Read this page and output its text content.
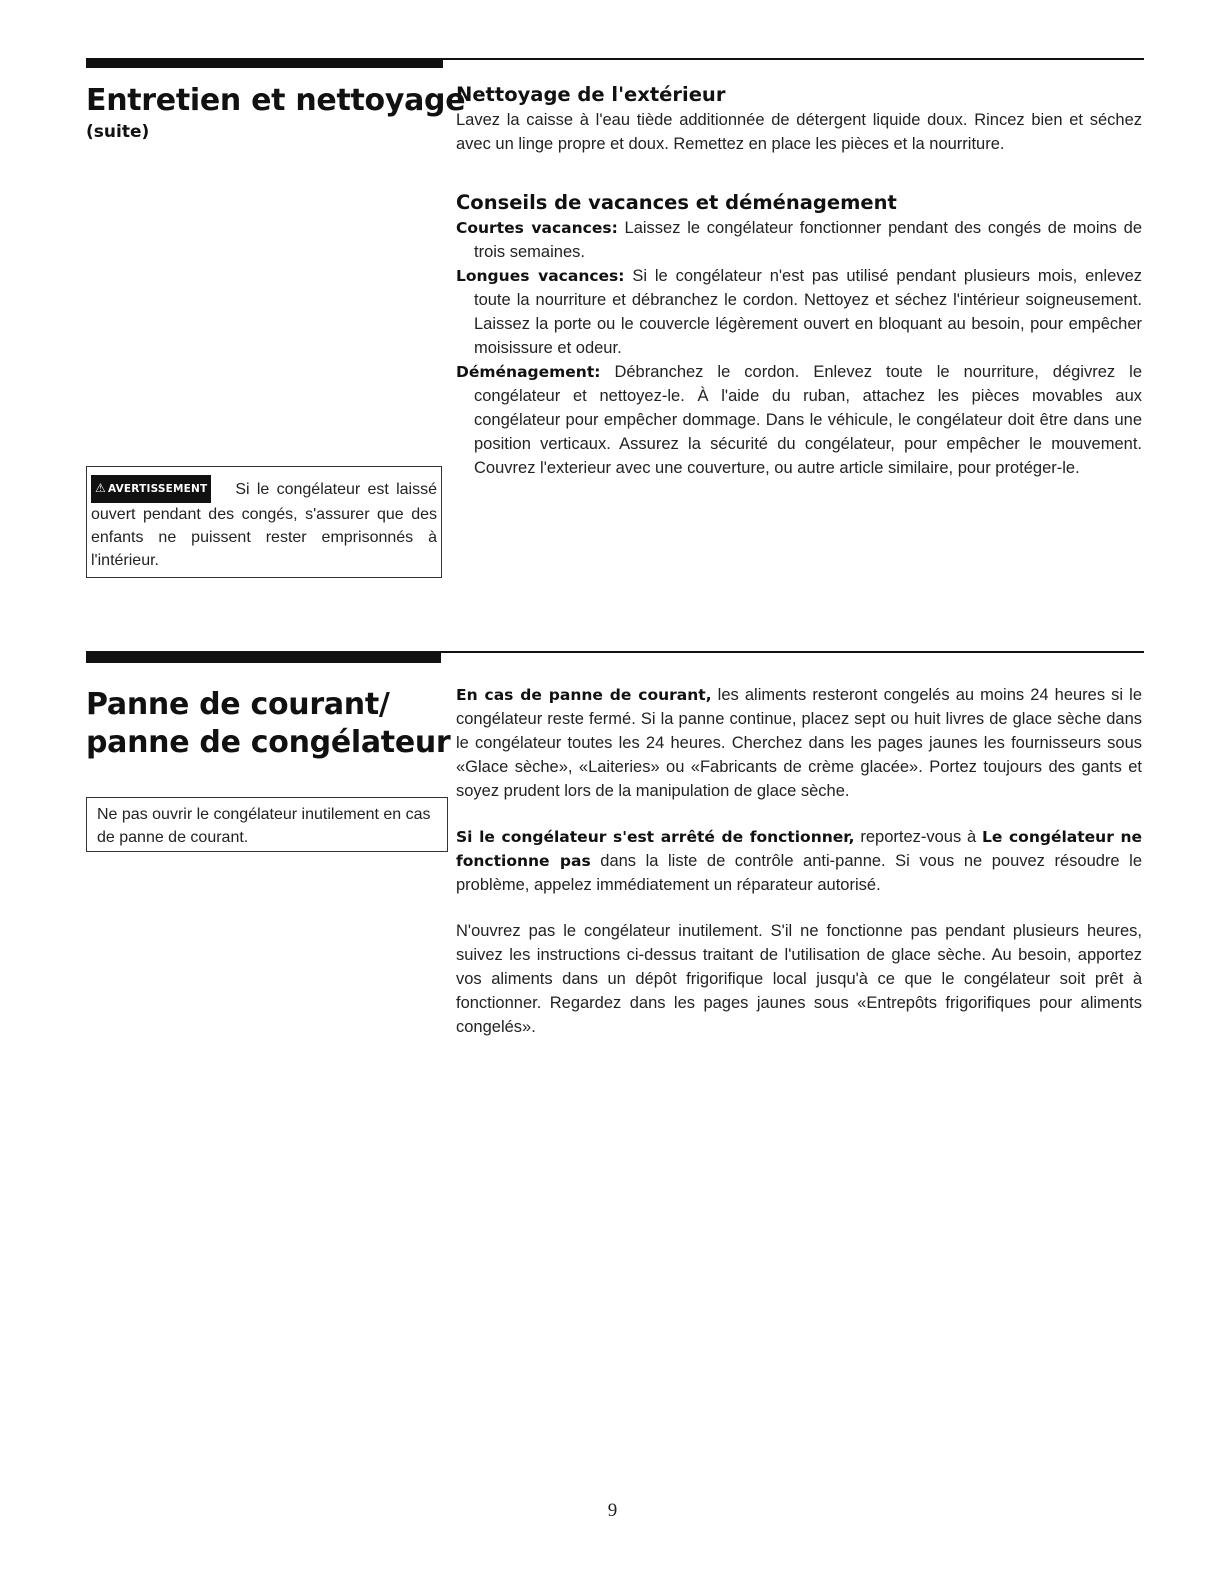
Entretien et nettoyage
(suite)
Nettoyage de l'extérieur

Lavez la caisse à l'eau tiède additionnée de détergent liquide doux. Rincez bien et séchez avec un linge propre et doux. Remettez en place les pièces et la nourriture.

Conseils de vacances et déménagement

Courtes vacances: Laissez le congélateur fonctionner pendant des congés de moins de trois semaines.

Longues vacances: Si le congélateur n'est pas utilisé pendant plusieurs mois, enlevez toute la nourriture et débranchez le cordon. Nettoyez et séchez l'intérieur soigneusement. Laissez la porte ou le couvercle légèrement ouvert en bloquant au besoin, pour empêcher moisissure et odeur.

Déménagement: Débranchez le cordon. Enlevez toute le nourriture, dégivrez le congélateur et nettoyez-le. À l'aide du ruban, attachez les pièces movables aux congélateur pour empêcher dommage. Dans le véhicule, le congélateur doit être dans une position verticaux. Assurez la sécurité du congélateur, pour empêcher le mouvement. Couvrez l'exterieur avec une couverture, ou autre article similaire, pour protéger-le.

⚠ AVERTISSEMENT Si le congélateur est laissé ouvert pendant des congés, s'assurer que des enfants ne puissent rester emprisonnés à l'intérieur.
Panne de courant/
panne de congélateur
Ne pas ouvrir le congélateur inutilement en cas de panne de courant.

En cas de panne de courant, les aliments resteront congelés au moins 24 heures si le congélateur reste fermé. Si la panne continue, placez sept ou huit livres de glace sèche dans le congélateur toutes les 24 heures. Cherchez dans les pages jaunes les fournisseurs sous «Glace sèche», «Laiteries» ou «Fabricants de crème glacée». Portez toujours des gants et soyez prudent lors de la manipulation de glace sèche.

Si le congélateur s'est arrêté de fonctionner, reportez-vous à Le congélateur ne fonctionne pas dans la liste de contrôle anti-panne. Si vous ne pouvez résoudre le problème, appelez immédiatement un réparateur autorisé.

N'ouvrez pas le congélateur inutilement. S'il ne fonctionne pas pendant plusieurs heures, suivez les instructions ci-dessus traitant de l'utilisation de glace sèche. Au besoin, apportez vos aliments dans un dépôt frigorifique local jusqu'à ce que le congélateur soit prêt à fonctionner. Regardez dans les pages jaunes sous «Entrepôts frigorifiques pour aliments congelés».

9
